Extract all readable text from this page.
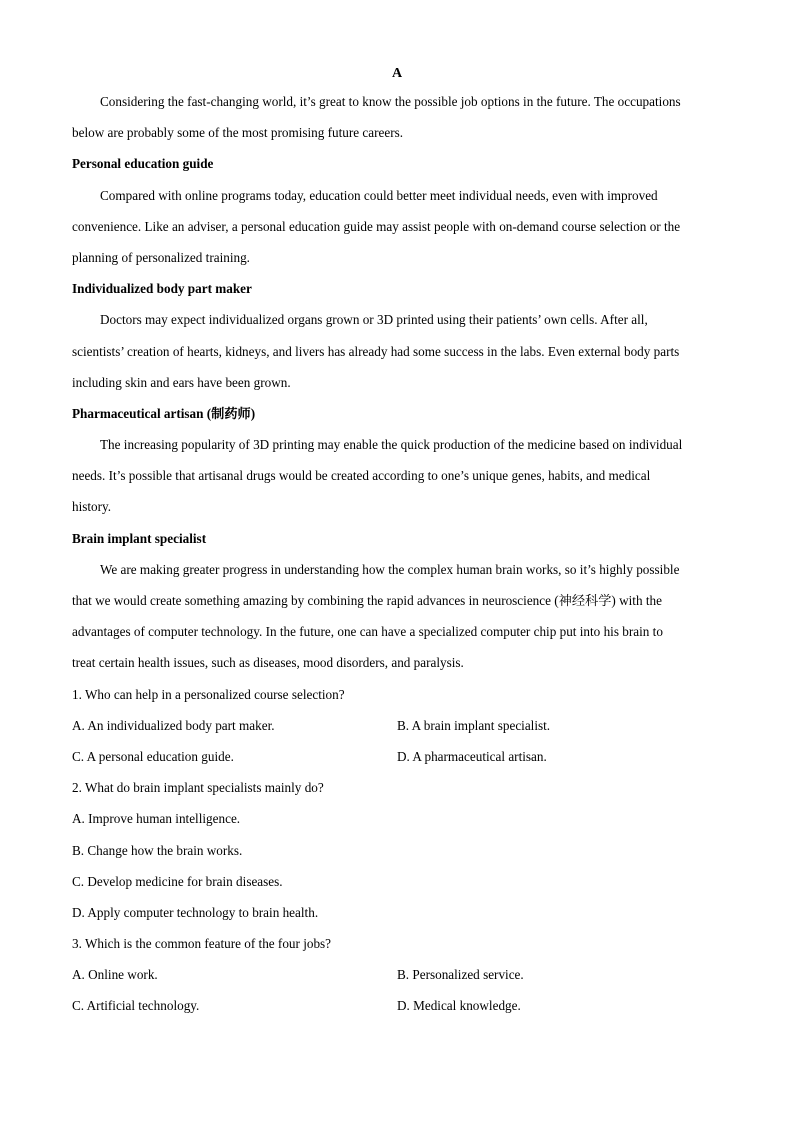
A
Considering the fast-changing world, it’s great to know the possible job options in the future. The occupations
below are probably some of the most promising future careers.
Personal education guide
Compared with online programs today, education could better meet individual needs, even with improved
convenience. Like an adviser, a personal education guide may assist people with on-demand course selection or the
planning of personalized training.
Individualized body part maker
Doctors may expect individualized organs grown or 3D printed using their patients’ own cells. After all,
scientists’ creation of hearts, kidneys, and livers has already had some success in the labs. Even external body parts
including skin and ears have been grown.
Pharmaceutical artisan (制药师)
The increasing popularity of 3D printing may enable the quick production of the medicine based on individual
needs. It’s possible that artisanal drugs would be created according to one’s unique genes, habits, and medical
history.
Brain implant specialist
We are making greater progress in understanding how the complex human brain works, so it’s highly possible
that we would create something amazing by combining the rapid advances in neuroscience (神经科学) with the
advantages of computer technology. In the future, one can have a specialized computer chip put into his brain to
treat certain health issues, such as diseases, mood disorders, and paralysis.
1. Who can help in a personalized course selection?
A. An individualized body part maker.	B. A brain implant specialist.
C. A personal education guide.	D. A pharmaceutical artisan.
2. What do brain implant specialists mainly do?
A. Improve human intelligence.
B. Change how the brain works.
C. Develop medicine for brain diseases.
D. Apply computer technology to brain health.
3. Which is the common feature of the four jobs?
A. Online work.	B. Personalized service.
C. Artificial technology.	D. Medical knowledge.
